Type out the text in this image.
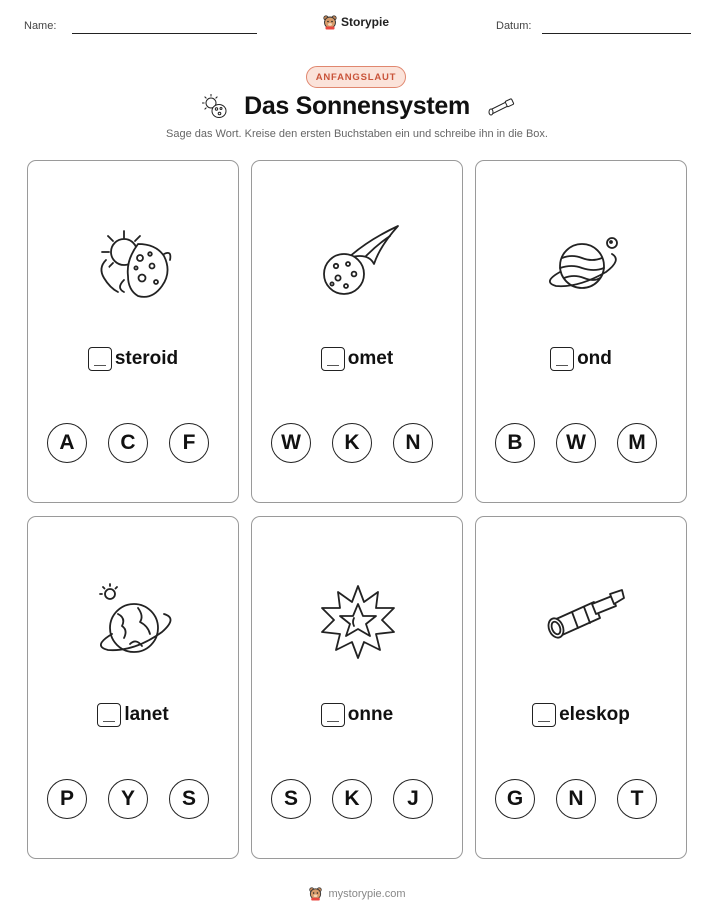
Name:	Storypie	Datum:
ANFANGSLAUT
Das Sonnensystem
Sage das Wort. Kreise den ersten Buchstaben ein und schreibe ihn in die Box.
steroid
A	C	F
omet
W	K	N
ond
B	W	M
lanet
P	Y	S
onne
S	K	J
eleskop
G	N	T
mystorypie.com
